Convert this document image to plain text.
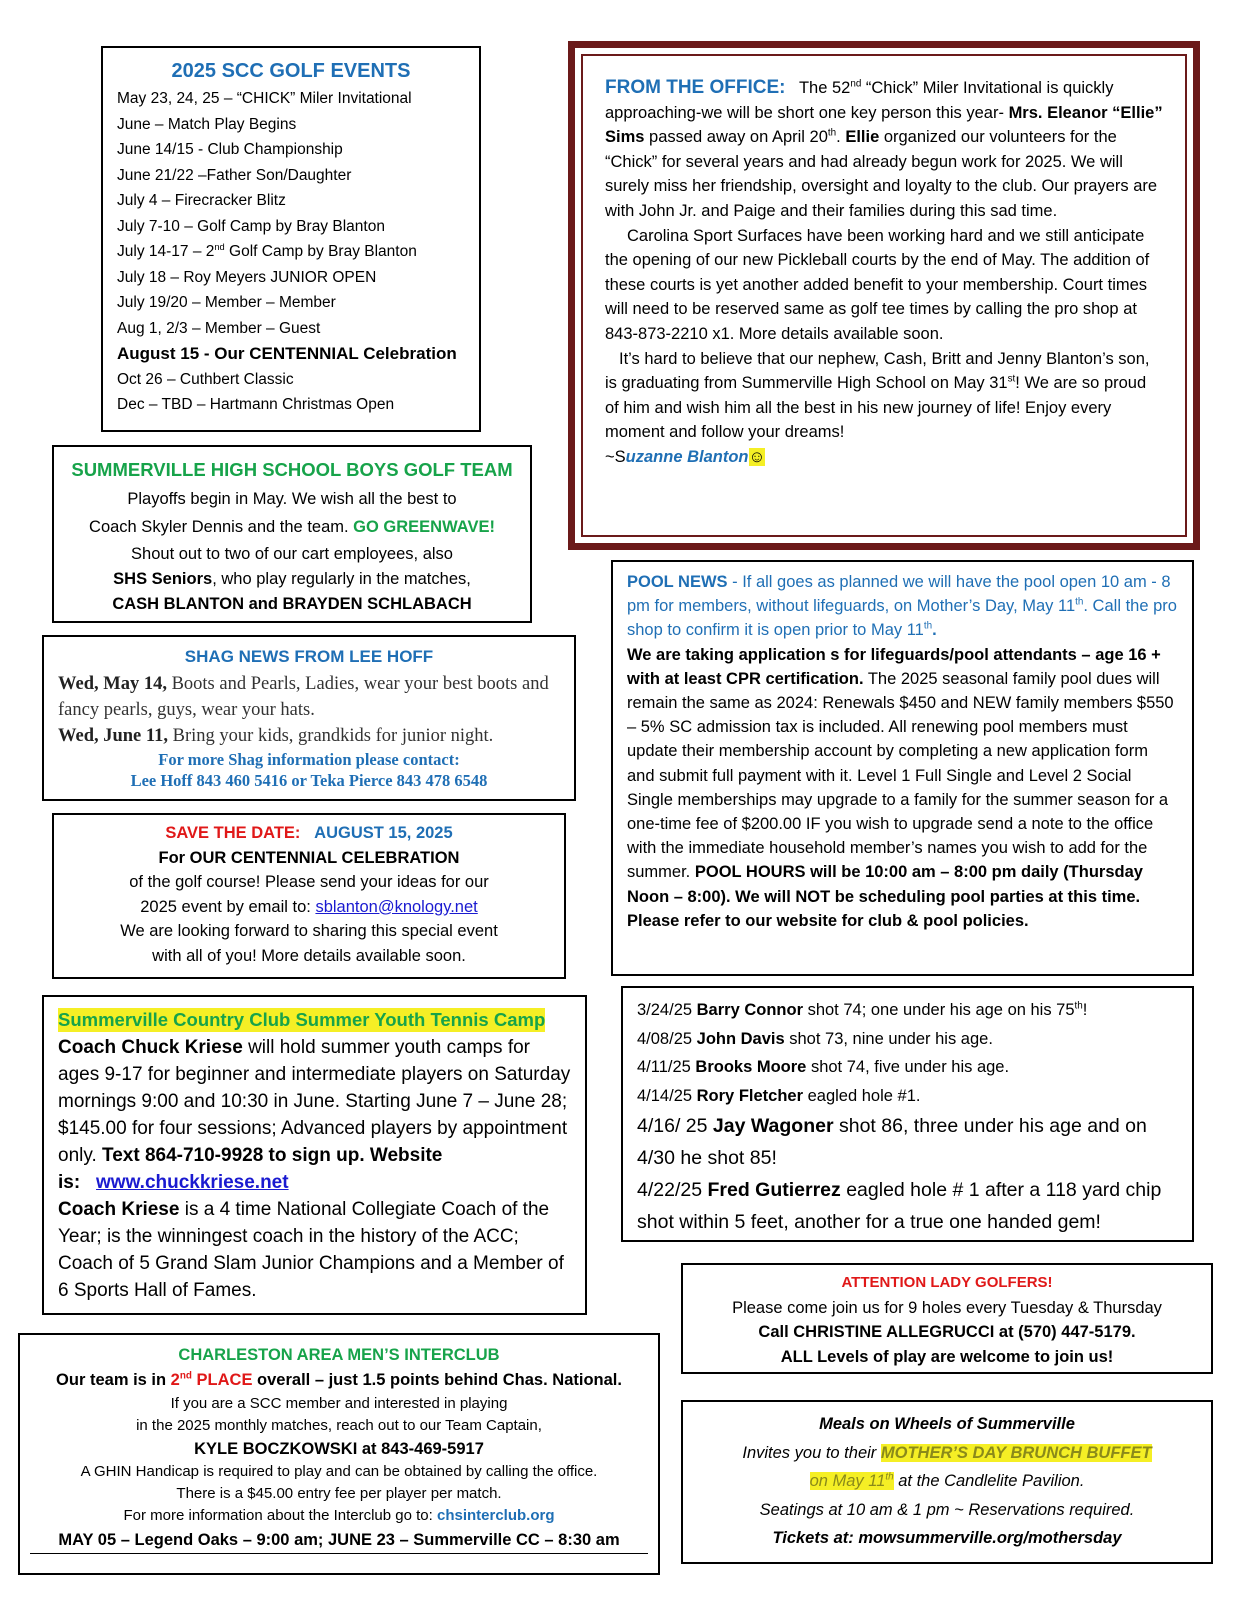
2025 SCC GOLF EVENTS
May 23, 24, 25 – “CHICK” Miler Invitational
June – Match Play Begins
June 14/15 - Club Championship
June 21/22 –Father Son/Daughter
July 4 – Firecracker Blitz
July 7-10 – Golf Camp by Bray Blanton
July 14-17 – 2nd Golf Camp by Bray Blanton
July 18 – Roy Meyers JUNIOR OPEN
July 19/20 – Member – Member
Aug 1, 2/3 – Member – Guest
August 15 - Our CENTENNIAL Celebration
Oct 26 – Cuthbert Classic
Dec – TBD – Hartmann Christmas Open
FROM THE OFFICE: The 52nd “Chick” Miler Invitational is quickly approaching-we will be short one key person this year- Mrs. Eleanor “Ellie” Sims passed away on April 20th. Ellie organized our volunteers for the “Chick” for several years and had already begun work for 2025. We will surely miss her friendship, oversight and loyalty to the club. Our prayers are with John Jr. and Paige and their families during this sad time.
Carolina Sport Surfaces have been working hard and we still anticipate the opening of our new Pickleball courts by the end of May. The addition of these courts is yet another added benefit to your membership. Court times will need to be reserved same as golf tee times by calling the pro shop at 843-873-2210 x1. More details available soon.
It’s hard to believe that our nephew, Cash, Britt and Jenny Blanton’s son, is graduating from Summerville High School on May 31st! We are so proud of him and wish him all the best in his new journey of life! Enjoy every moment and follow your dreams!
~Suzanne Blanton☺
SUMMERVILLE HIGH SCHOOL BOYS GOLF TEAM
Playoffs begin in May. We wish all the best to
Coach Skyler Dennis and the team. GO GREENWAVE!
Shout out to two of our cart employees, also
SHS Seniors, who play regularly in the matches,
CASH BLANTON and BRAYDEN SCHLABACH
SHAG NEWS FROM LEE HOFF
Wed, May 14, Boots and Pearls, Ladies, wear your best boots and fancy pearls, guys, wear your hats.
Wed, June 11, Bring your kids, grandkids for junior night.
For more Shag information please contact:
Lee Hoff 843 460 5416 or Teka Pierce 843 478 6548
SAVE THE DATE: AUGUST 15, 2025
For OUR CENTENNIAL CELEBRATION
of the golf course! Please send your ideas for our
2025 event by email to: sblanton@knology.net
We are looking forward to sharing this special event
with all of you! More details available soon.
Summerville Country Club Summer Youth Tennis Camp
Coach Chuck Kriese will hold summer youth camps for ages 9-17 for beginner and intermediate players on Saturday mornings 9:00 and 10:30 in June. Starting June 7 – June 28; $145.00 for four sessions; Advanced players by appointment only. Text 864-710-9928 to sign up. Website is: www.chuckkriese.net
Coach Kriese is a 4 time National Collegiate Coach of the Year; is the winningest coach in the history of the ACC; Coach of 5 Grand Slam Junior Champions and a Member of 6 Sports Hall of Fames.
CHARLESTON AREA MEN’S INTERCLUB
Our team is in 2nd PLACE overall – just 1.5 points behind Chas. National.
If you are a SCC member and interested in playing
in the 2025 monthly matches, reach out to our Team Captain,
KYLE BOCZKOWSKI at 843-469-5917
A GHIN Handicap is required to play and can be obtained by calling the office.
There is a $45.00 entry fee per player per match.
For more information about the Interclub go to: chsinterclub.org
MAY 05 – Legend Oaks – 9:00 am; JUNE 23 – Summerville CC – 8:30 am
POOL NEWS - If all goes as planned we will have the pool open 10 am - 8 pm for members, without lifeguards, on Mother’s Day, May 11th. Call the pro shop to confirm it is open prior to May 11th.
We are taking application s for lifeguards/pool attendants – age 16 + with at least CPR certification. The 2025 seasonal family pool dues will remain the same as 2024: Renewals $450 and NEW family members $550 – 5% SC admission tax is included. All renewing pool members must update their membership account by completing a new application form and submit full payment with it. Level 1 Full Single and Level 2 Social Single memberships may upgrade to a family for the summer season for a one-time fee of $200.00 IF you wish to upgrade send a note to the office with the immediate household member’s names you wish to add for the summer. POOL HOURS will be 10:00 am – 8:00 pm daily (Thursday Noon – 8:00). We will NOT be scheduling pool parties at this time. Please refer to our website for club & pool policies.
3/24/25 Barry Connor shot 74; one under his age on his 75th!
4/08/25 John Davis shot 73, nine under his age.
4/11/25 Brooks Moore shot 74, five under his age.
4/14/25 Rory Fletcher eagled hole #1.
4/16/ 25 Jay Wagoner shot 86, three under his age and on 4/30 he shot 85!
4/22/25 Fred Gutierrez eagled hole # 1 after a 118 yard chip shot within 5 feet, another for a true one handed gem!
ATTENTION LADY GOLFERS!
Please come join us for 9 holes every Tuesday & Thursday
Call CHRISTINE ALLEGRUCCI at (570) 447-5179.
ALL Levels of play are welcome to join us!
Meals on Wheels of Summerville
Invites you to their MOTHER’S DAY BRUNCH BUFFET
on May 11th at the Candlelite Pavilion.
Seatings at 10 am & 1 pm ~ Reservations required.
Tickets at: mowsummerville.org/mothersday
